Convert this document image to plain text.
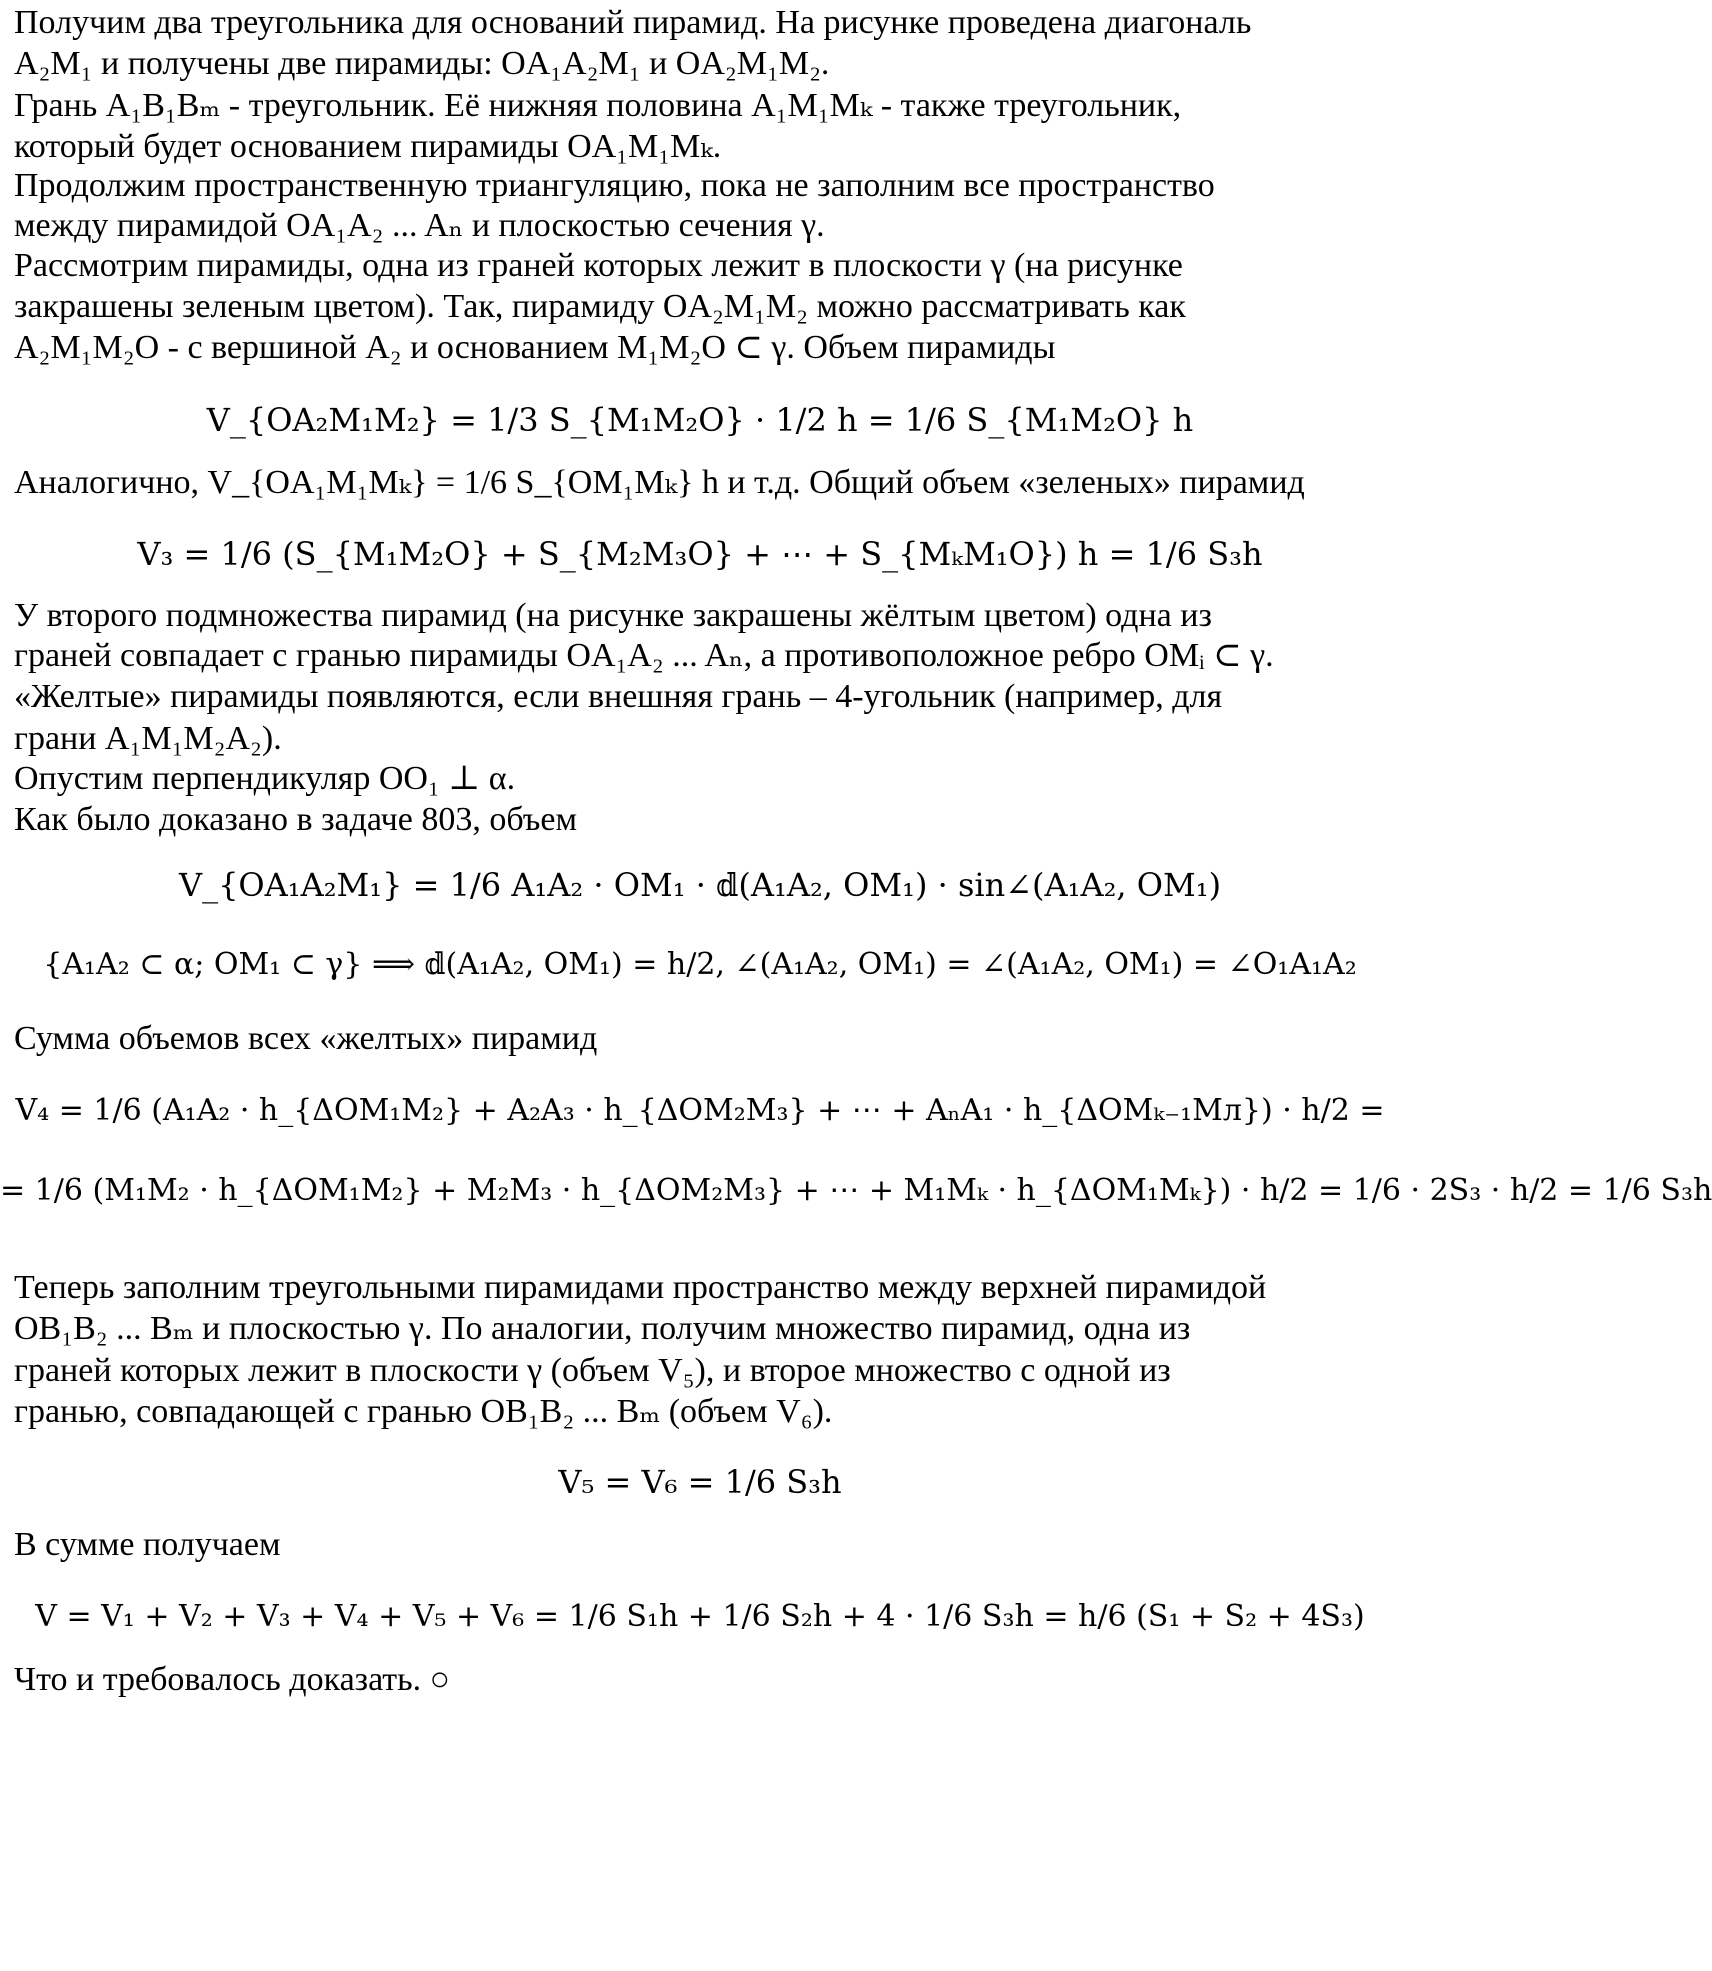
Получим два треугольника для оснований пирамид. На рисунке проведена диагональ
A₂M₁ и получены две пирамиды: OA₁A₂M₁ и OA₂M₁M₂.
Грань A₁B₁Bₘ - треугольник. Её нижняя половина A₁M₁Mₖ - также треугольник,
который будет основанием пирамиды OA₁M₁Mₖ.
Продолжим пространственную триангуляцию, пока не заполним все пространство
между пирамидой OA₁A₂ ... Aₙ и плоскостью сечения γ.
Рассмотрим пирамиды, одна из граней которых лежит в плоскости γ (на рисунке
закрашены зеленым цветом). Так, пирамиду OA₂M₁M₂ можно рассматривать как
A₂M₁M₂O - с вершиной A₂ и основанием M₁M₂O ⊂ γ. Объем пирамиды
V_{OA₂M₁M₂} = 1/3 S_{M₁M₂O} · 1/2 h = 1/6 S_{M₁M₂O} h
Аналогично, V_{OA₁M₁Mₖ} = 1/6 S_{OM₁Mₖ} h и т.д. Общий объем «зеленых» пирамид
V₃ = 1/6 (S_{M₁M₂O} + S_{M₂M₃O} + ⋯ + S_{MₖM₁O}) h = 1/6 S₃h
У второго подмножества пирамид (на рисунке закрашены жёлтым цветом) одна из
граней совпадает с гранью пирамиды OA₁A₂ ... Aₙ, а противоположное ребро OMᵢ ⊂ γ.
«Желтые» пирамиды появляются, если внешняя грань – 4-угольник (например, для
грани A₁M₁M₂A₂).
Опустим перпендикуляр OO₁ ⊥ α.
Как было доказано в задаче 803, объем
V_{OA₁A₂M₁} = 1/6 A₁A₂ · OM₁ · 𝕕(A₁A₂, OM₁) · sin∠(A₁A₂, OM₁)
{A₁A₂ ⊂ α; OM₁ ⊂ γ} ⟹ 𝕕(A₁A₂, OM₁) = h/2, ∠(A₁A₂, OM₁) = ∠(A₁A₂, OM₁) = ∠O₁A₁A₂
Сумма объемов всех «желтых» пирамид
V₄ = 1/6 (A₁A₂ · h_{ΔOM₁M₂} + A₂A₃ · h_{ΔOM₂M₃} + ⋯ + AₙA₁ · h_{ΔOMₖ₋₁Mл}) · h/2 =
= 1/6 (M₁M₂ · h_{ΔOM₁M₂} + M₂M₃ · h_{ΔOM₂M₃} + ⋯ + M₁Mₖ · h_{ΔOM₁Mₖ}) · h/2 = 1/6 · 2S₃ · h/2 = 1/6 S₃h
Теперь заполним треугольными пирамидами пространство между верхней пирамидой
OB₁B₂ ... Bₘ и плоскостью γ. По аналогии, получим множество пирамид, одна из
граней которых лежит в плоскости γ (объем V₅), и второе множество с одной из
гранью, совпадающей с гранью OB₁B₂ ... Bₘ (объем V₆).
V₅ = V₆ = 1/6 S₃h
В сумме получаем
V = V₁ + V₂ + V₃ + V₄ + V₅ + V₆ = 1/6 S₁h + 1/6 S₂h + 4 · 1/6 S₃h = h/6 (S₁ + S₂ + 4S₃)
Что и требовалось доказать. ○
